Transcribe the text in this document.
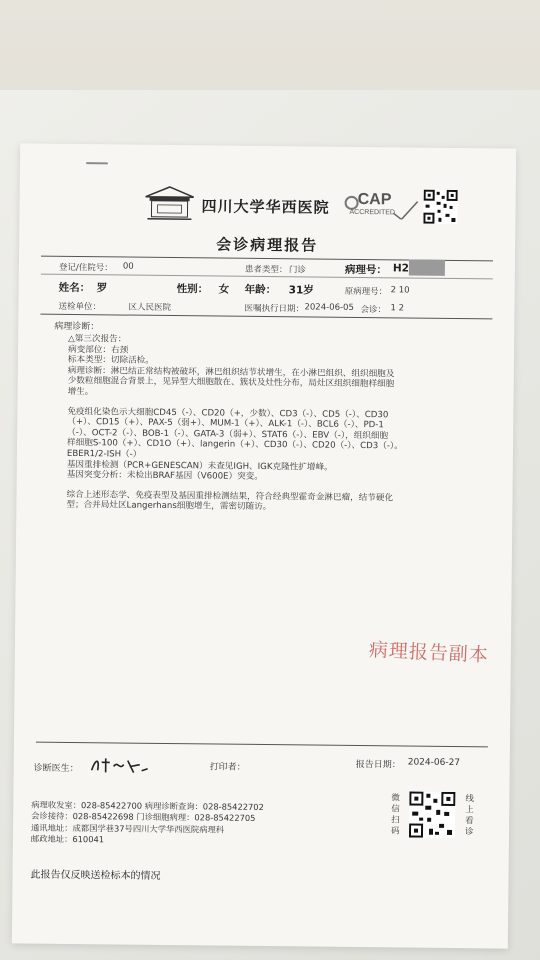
四川大学华西医院 CAP
ACCREDITED
会诊病理报告
登记/住院号： 00	患者类型： 门诊	病理号： H2
姓名： 罗	性别： 女 年龄： 31岁	原病理号： 2 10
送检单位：	区人民医院	医嘱执行日期： 2024-06-05 会诊： 1 2
病理诊断：
△第三次报告：
病变部位：右颈
标本类型：切除活检。
病理诊断：淋巴结正常结构被破坏，淋巴组织结节状增生，在小淋巴组织、组织细胞及
少数粒细胞混合背景上，见异型大细胞散在、簇状及灶性分布，局灶区组织细胞样细胞
增生。
免疫组化染色示大细胞CD45（-）、CD20（+，少数）、CD3（-）、CD5（-）、CD30
（+）、CD15（+）、PAX-5（弱+）、MUM-1（+）、ALK-1（-）、BCL6（-）、PD-1
（-）、OCT-2（-）、BOB-1（-）、GATA-3（弱+）、STAT6（-）、EBV（-），组织细胞
样细胞S-100（+）、CD1O（+）、langerin（+）、CD30（-）、CD20（-）、CD3（-）。
EBER1/2-ISH（-）
基因重排检测（PCR+GENESCAN）未查见IGH、IGK克隆性扩增峰。
基因突变分析：未检出BRAF基因（V600E）突变。
综合上述形态学、免疫表型及基因重排检测结果，符合经典型霍奇金淋巴瘤，结节硬化
型；合并局灶区Langerhans细胞增生，需密切随访。
病理报告副本
诊断医生：	打印者：	报告日期： 2024-06-27
病理收发室：028-85422700 病理诊断查询：028-85422702
会诊接待：028-85422698 门诊细胞病理：028-85422705
通讯地址：成都国学巷37号四川大学华西医院病理科
邮政地址：610041
微信扫码
线上看诊
此报告仅反映送检标本的情况
